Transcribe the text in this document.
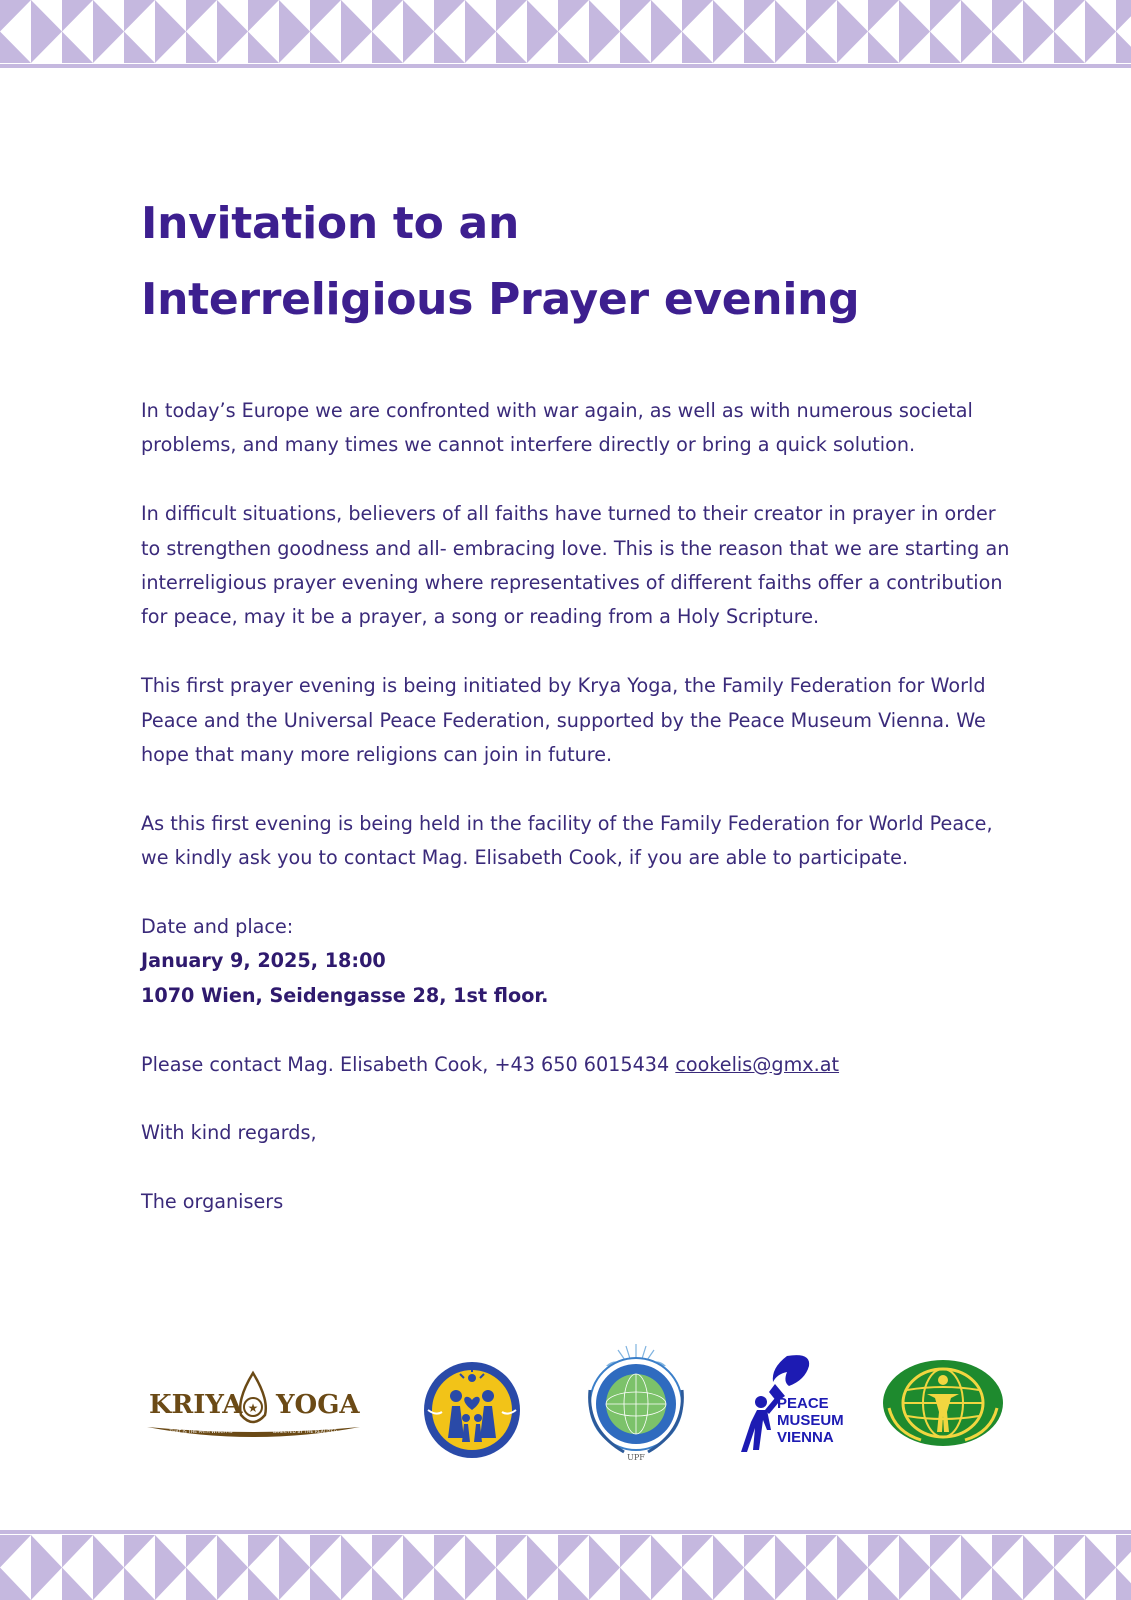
Invitation to an
Interreligious Prayer evening

In today’s Europe we are confronted with war again, as well as with numerous societal problems, and many times we cannot interfere directly or bring a quick solution.

In difficult situations, believers of all faiths have turned to their creator in prayer in order to strengthen goodness and all- embracing love. This is the reason that we are starting an interreligious prayer evening where representatives of different faiths offer a contribution for peace, may it be a prayer, a song or reading from a Holy Scripture.

This first prayer evening is being initiated by Krya Yoga, the Family Federation for World Peace and the Universal Peace Federation, supported by the Peace Museum Vienna. We hope that many more religions can join in future.

As this first evening is being held in the facility of the Family Federation for World Peace, we kindly ask you to contact Mag. Elisabeth Cook, if you are able to participate.

Date and place:

January 9, 2025, 18:00

1070 Wien, Seidengasse 28, 1st floor.

Please contact Mag. Elisabeth Cook, +43 650 6015434 cookelis@gmx.at

With kind regards,

The organisers

KRIYA YOGA
★
THAT IS THE PATH WHICH IS	DIRECTED BY THE REALIZED
UPF
PEACE
MUSEUM
VIENNA
